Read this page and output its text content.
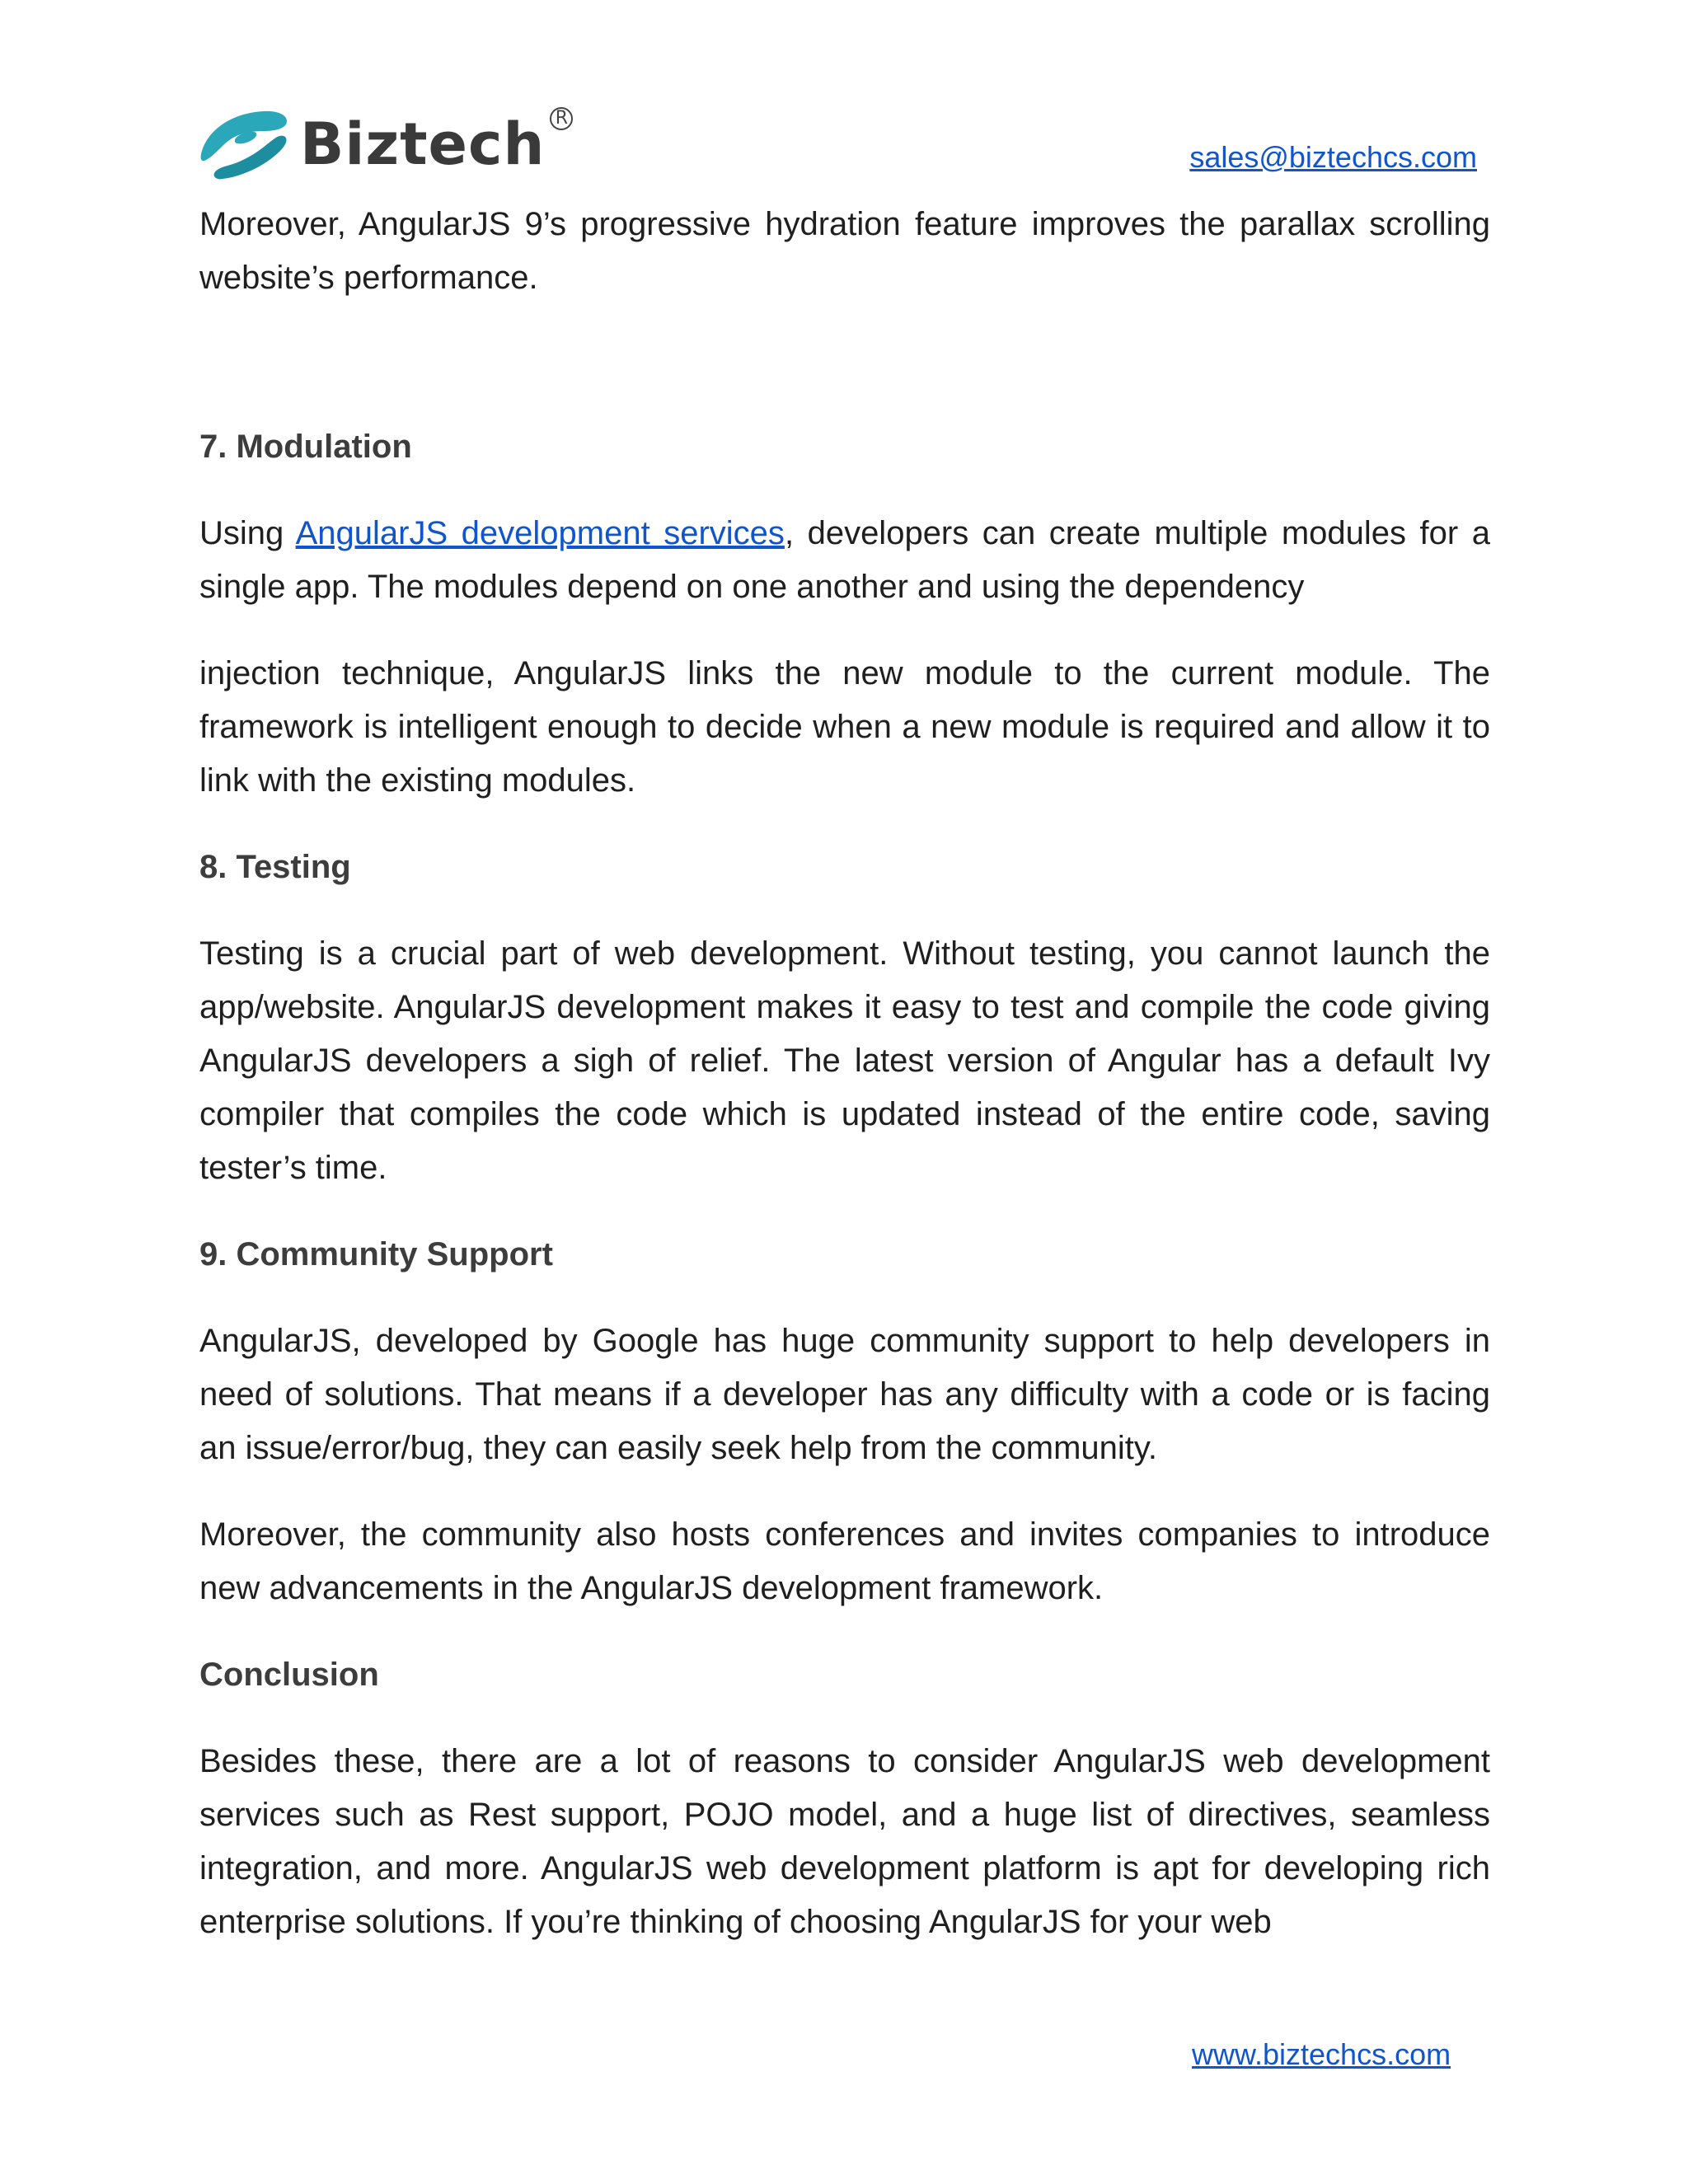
Biztech R
sales@biztechcs.com

Moreover, AngularJS 9’s progressive hydration feature improves the parallax scrolling website’s performance.

7. Modulation

Using AngularJS development services, developers can create multiple modules for a single app. The modules depend on one another and using the dependency

injection technique, AngularJS links the new module to the current module. The framework is intelligent enough to decide when a new module is required and allow it to link with the existing modules.

8. Testing

Testing is a crucial part of web development. Without testing, you cannot launch the app/website. AngularJS development makes it easy to test and compile the code giving AngularJS developers a sigh of relief. The latest version of Angular has a default Ivy compiler that compiles the code which is updated instead of the entire code, saving tester’s time.

9. Community Support

AngularJS, developed by Google has huge community support to help developers in need of solutions. That means if a developer has any difficulty with a code or is facing an issue/error/bug, they can easily seek help from the community.

Moreover, the community also hosts conferences and invites companies to introduce new advancements in the AngularJS development framework.

Conclusion

Besides these, there are a lot of reasons to consider AngularJS web development services such as Rest support, POJO model, and a huge list of directives, seamless integration, and more. AngularJS web development platform is apt for developing rich enterprise solutions. If you’re thinking of choosing AngularJS for your web

www.biztechcs.com
